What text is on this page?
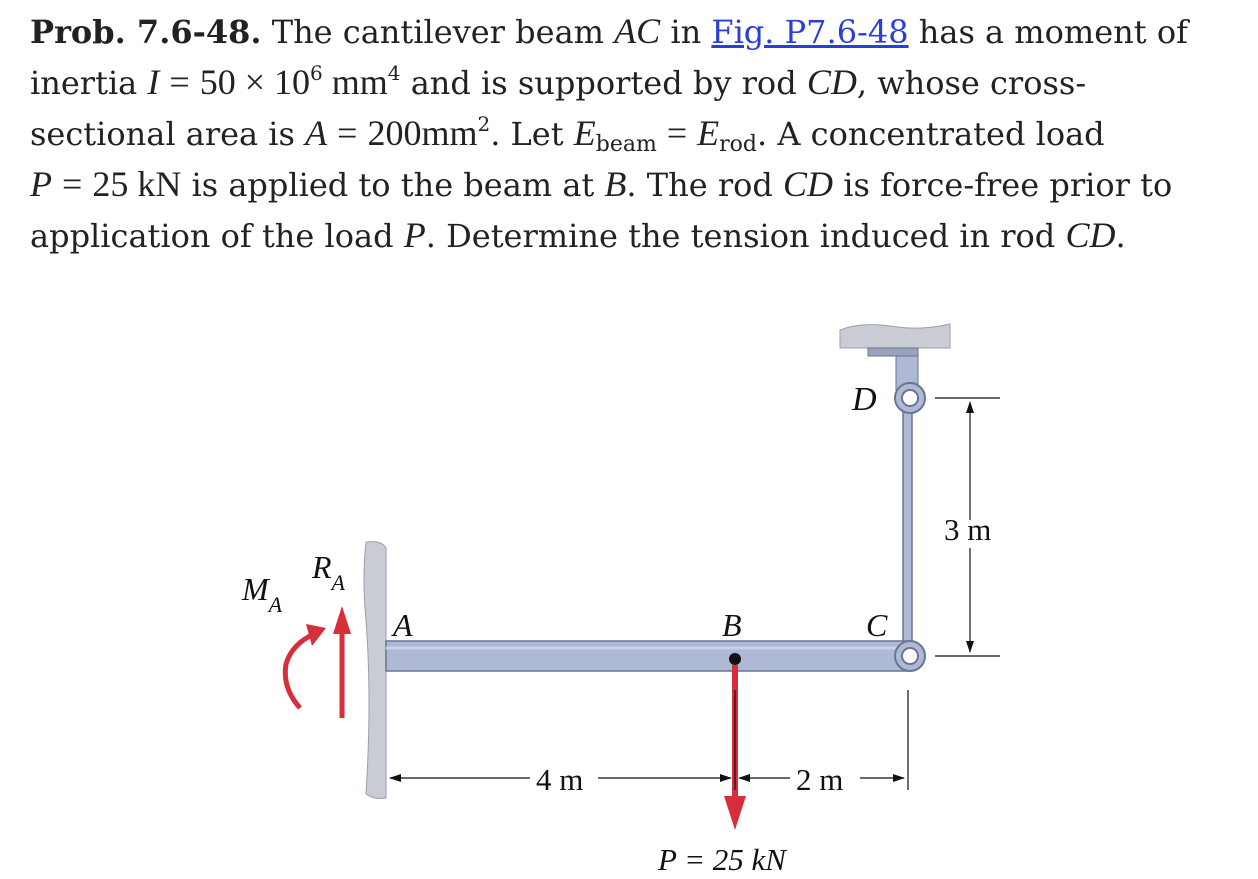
Prob. 7.6-48. The cantilever beam AC in Fig. P7.6-48 has a moment of
inertia $I = 50 \times 10^6$ $mm^4$ and is supported by rod CD, whose cross-
sectional area is $A = 200mm^2$. Let $E_{beam} = E_{rod}$. A concentrated load
P = 25 kN is applied to the beam at B. The rod CD is force-free prior to
application of the load P. Determine the tension induced in rod CD.
D
A	B	C
$M_A$
$R_A$
3 m
4 m	2 m
P = 25 kN
